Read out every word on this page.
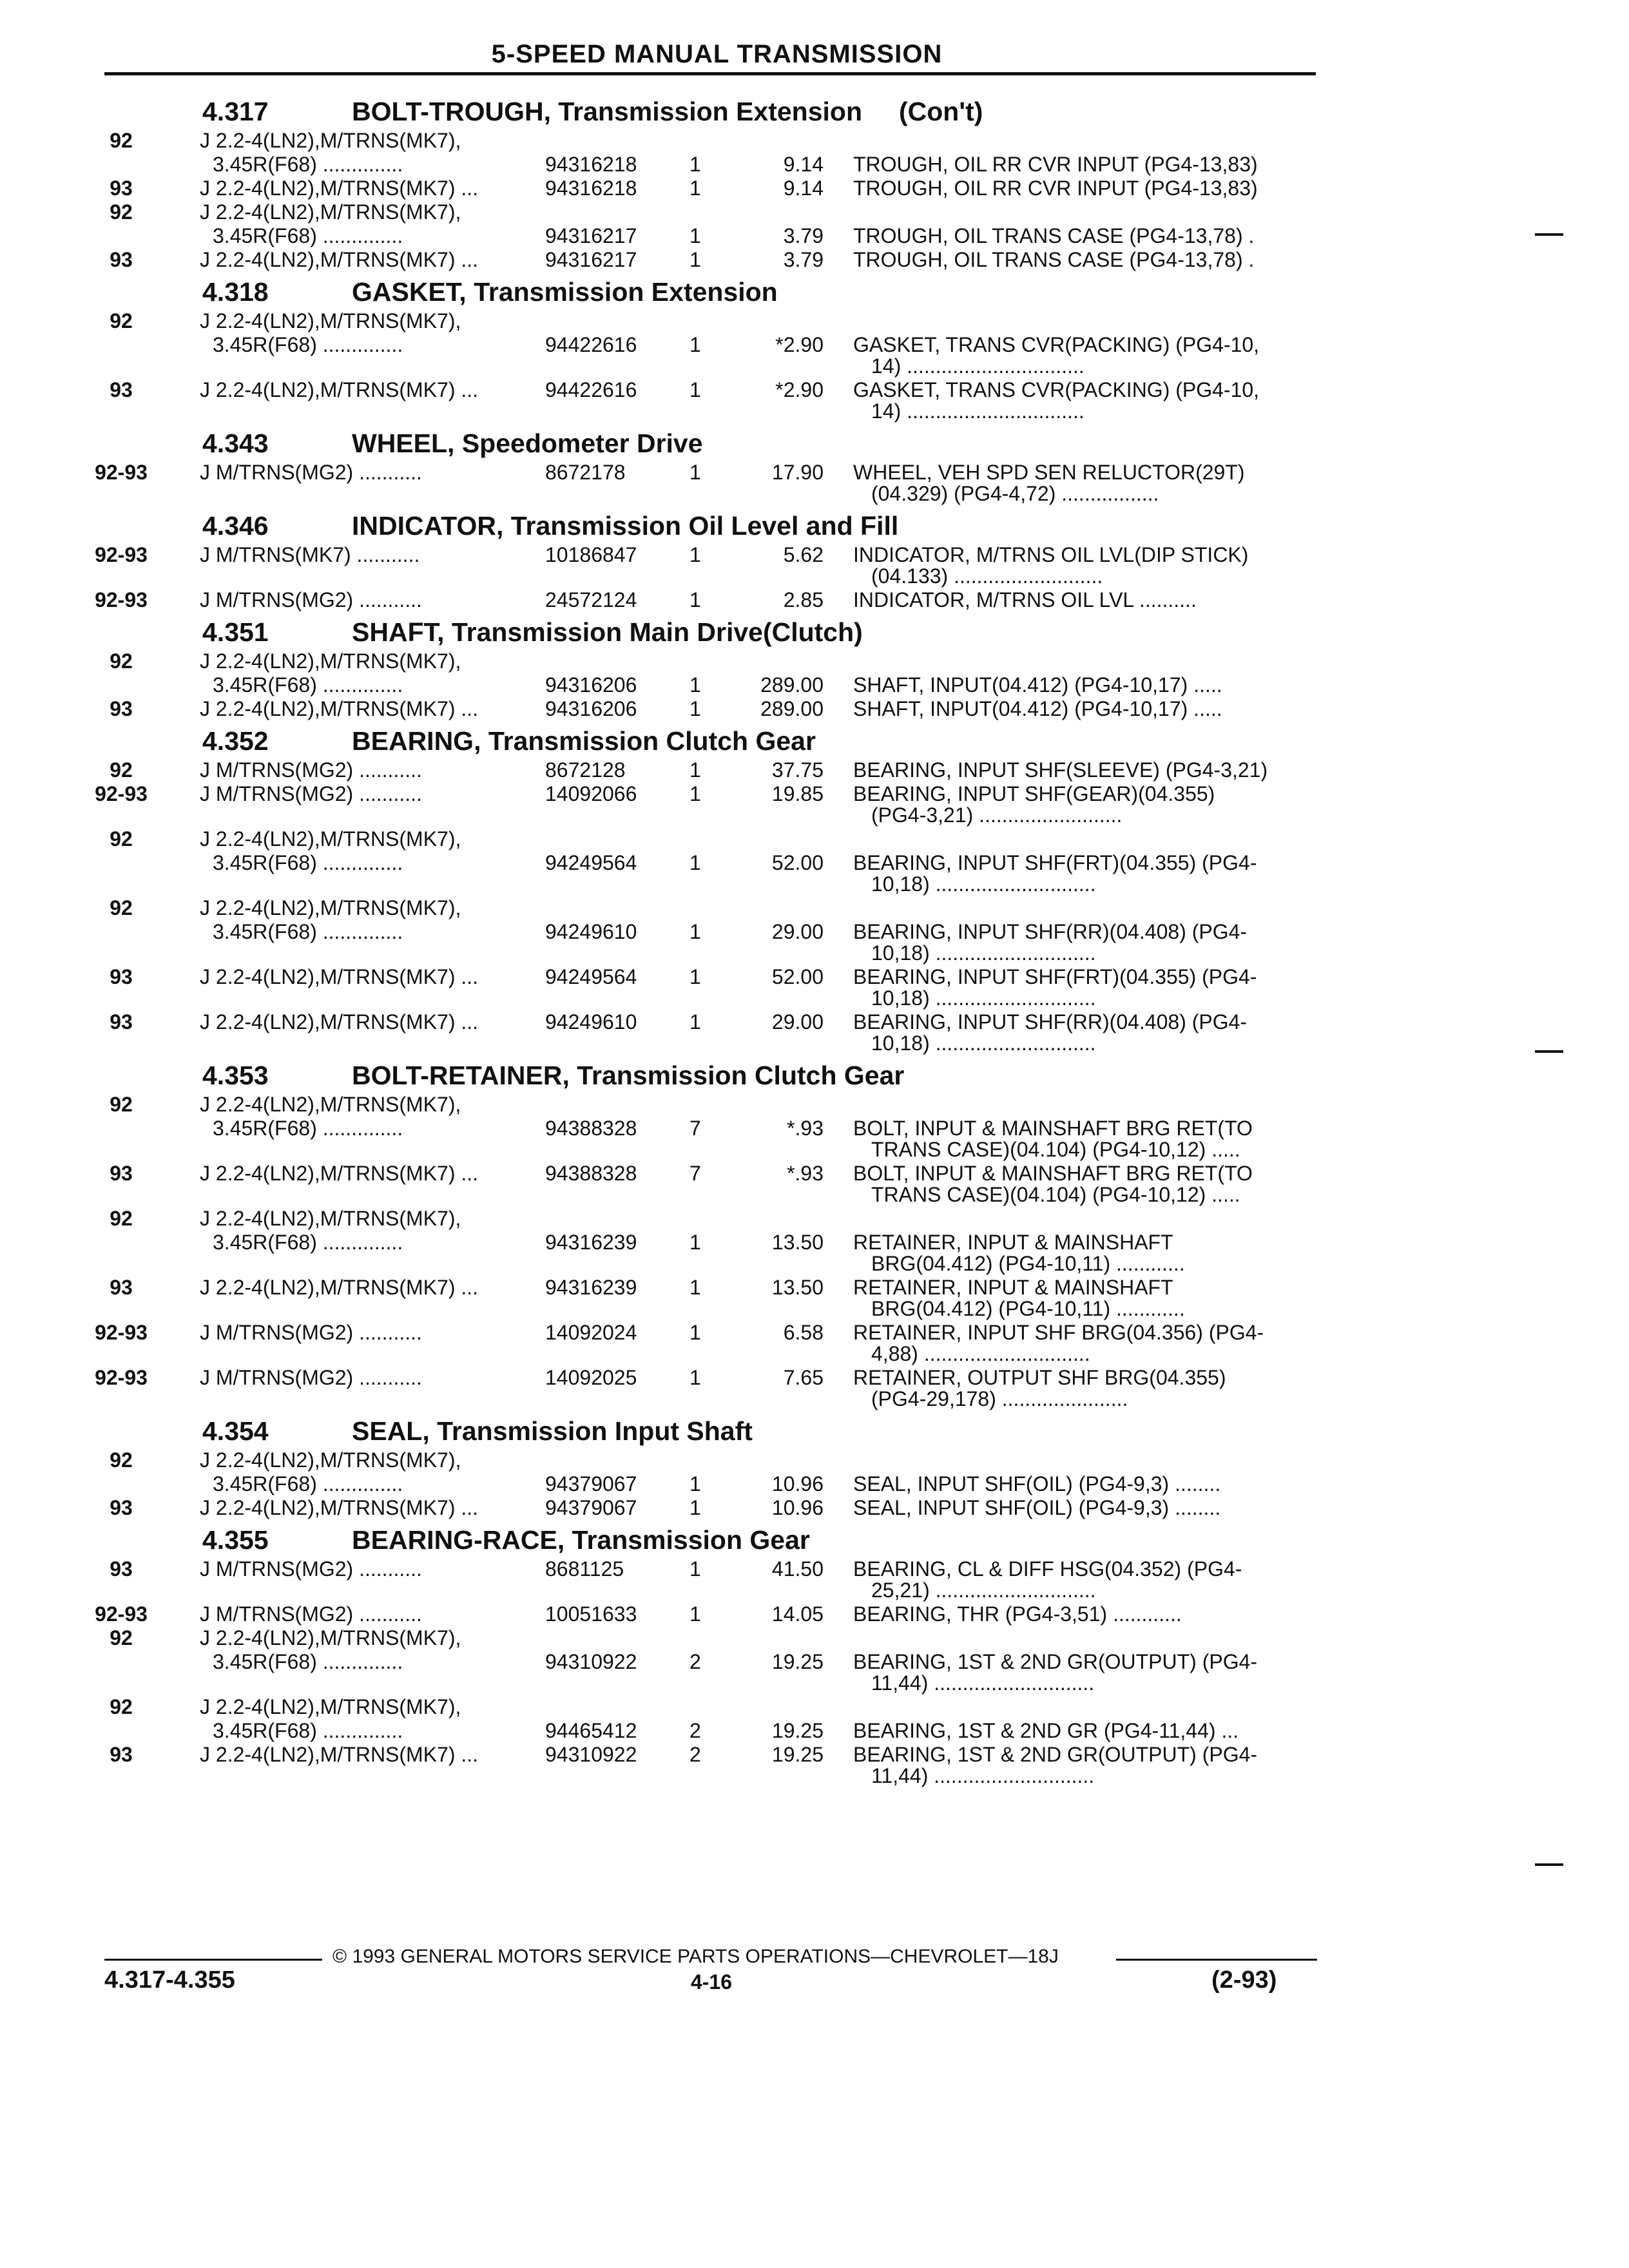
5-SPEED MANUAL TRANSMISSION
4.317	BOLT-TROUGH, Transmission Extension     (Con't)
92	J 2.2-4(LN2),M/TRNS(MK7),
3.45R(F68) ..............	94316218	1	9.14 TROUGH, OIL RR CVR INPUT (PG4-13,83)
93	J 2.2-4(LN2),M/TRNS(MK7) ...	94316218	1	9.14 TROUGH, OIL RR CVR INPUT (PG4-13,83)
92	J 2.2-4(LN2),M/TRNS(MK7),
3.45R(F68) ..............	94316217	1	3.79 TROUGH, OIL TRANS CASE (PG4-13,78) .
93	J 2.2-4(LN2),M/TRNS(MK7) ...	94316217	1	3.79 TROUGH, OIL TRANS CASE (PG4-13,78) .
4.318	GASKET, Transmission Extension
92	J 2.2-4(LN2),M/TRNS(MK7),
3.45R(F68) ..............	94422616	1	*2.90 GASKET, TRANS CVR(PACKING) (PG4-10,
14) ...............................
93	J 2.2-4(LN2),M/TRNS(MK7) ...	94422616	1	*2.90 GASKET, TRANS CVR(PACKING) (PG4-10,
14) ...............................
4.343	WHEEL, Speedometer Drive
92-93	J M/TRNS(MG2) ...........	8672178	1	17.90 WHEEL, VEH SPD SEN RELUCTOR(29T)
(04.329) (PG4-4,72) .................
4.346	INDICATOR, Transmission Oil Level and Fill
92-93	J M/TRNS(MK7) ...........	10186847	1	5.62 INDICATOR, M/TRNS OIL LVL(DIP STICK)
(04.133) ..........................
92-93	J M/TRNS(MG2) ...........	24572124	1	2.85 INDICATOR, M/TRNS OIL LVL ..........
4.351	SHAFT, Transmission Main Drive(Clutch)
92	J 2.2-4(LN2),M/TRNS(MK7),
3.45R(F68) ..............	94316206	1	289.00 SHAFT, INPUT(04.412) (PG4-10,17) .....
93	J 2.2-4(LN2),M/TRNS(MK7) ...	94316206	1	289.00 SHAFT, INPUT(04.412) (PG4-10,17) .....
4.352	BEARING, Transmission Clutch Gear
92	J M/TRNS(MG2) ...........	8672128	1	37.75 BEARING, INPUT SHF(SLEEVE) (PG4-3,21)
92-93	J M/TRNS(MG2) ...........	14092066	1	19.85 BEARING, INPUT SHF(GEAR)(04.355)
(PG4-3,21) .........................
92	J 2.2-4(LN2),M/TRNS(MK7),
3.45R(F68) ..............	94249564	1	52.00 BEARING, INPUT SHF(FRT)(04.355) (PG4-
10,18) ............................
92	J 2.2-4(LN2),M/TRNS(MK7),
3.45R(F68) ..............	94249610	1	29.00 BEARING, INPUT SHF(RR)(04.408) (PG4-
10,18) ............................
93	J 2.2-4(LN2),M/TRNS(MK7) ...	94249564	1	52.00 BEARING, INPUT SHF(FRT)(04.355) (PG4-
10,18) ............................
93	J 2.2-4(LN2),M/TRNS(MK7) ...	94249610	1	29.00 BEARING, INPUT SHF(RR)(04.408) (PG4-
10,18) ............................
4.353	BOLT-RETAINER, Transmission Clutch Gear
92	J 2.2-4(LN2),M/TRNS(MK7),
3.45R(F68) ..............	94388328	7	*.93 BOLT, INPUT & MAINSHAFT BRG RET(TO
TRANS CASE)(04.104) (PG4-10,12) .....
93	J 2.2-4(LN2),M/TRNS(MK7) ...	94388328	7	*.93 BOLT, INPUT & MAINSHAFT BRG RET(TO
TRANS CASE)(04.104) (PG4-10,12) .....
92	J 2.2-4(LN2),M/TRNS(MK7),
3.45R(F68) ..............	94316239	1	13.50 RETAINER, INPUT & MAINSHAFT
BRG(04.412) (PG4-10,11) ............
93	J 2.2-4(LN2),M/TRNS(MK7) ...	94316239	1	13.50 RETAINER, INPUT & MAINSHAFT
BRG(04.412) (PG4-10,11) ............
92-93	J M/TRNS(MG2) ...........	14092024	1	6.58 RETAINER, INPUT SHF BRG(04.356) (PG4-
4,88) .............................
92-93	J M/TRNS(MG2) ...........	14092025	1	7.65 RETAINER, OUTPUT SHF BRG(04.355)
(PG4-29,178) ......................
4.354	SEAL, Transmission Input Shaft
92	J 2.2-4(LN2),M/TRNS(MK7),
3.45R(F68) ..............	94379067	1	10.96 SEAL, INPUT SHF(OIL) (PG4-9,3) ........
93	J 2.2-4(LN2),M/TRNS(MK7) ...	94379067	1	10.96 SEAL, INPUT SHF(OIL) (PG4-9,3) ........
4.355	BEARING-RACE, Transmission Gear
93	J M/TRNS(MG2) ...........	8681125	1	41.50 BEARING, CL & DIFF HSG(04.352) (PG4-
25,21) ............................
92-93	J M/TRNS(MG2) ...........	10051633	1	14.05 BEARING, THR (PG4-3,51) ............
92	J 2.2-4(LN2),M/TRNS(MK7),
3.45R(F68) ..............	94310922	2	19.25 BEARING, 1ST & 2ND GR(OUTPUT) (PG4-
11,44) ............................
92	J 2.2-4(LN2),M/TRNS(MK7),
3.45R(F68) ..............	94465412	2	19.25 BEARING, 1ST & 2ND GR (PG4-11,44) ...
93	J 2.2-4(LN2),M/TRNS(MK7) ...	94310922	2	19.25 BEARING, 1ST & 2ND GR(OUTPUT) (PG4-
11,44) ............................
© 1993 GENERAL MOTORS SERVICE PARTS OPERATIONS—CHEVROLET—18J
4.317-4.355	4-16	(2-93)
